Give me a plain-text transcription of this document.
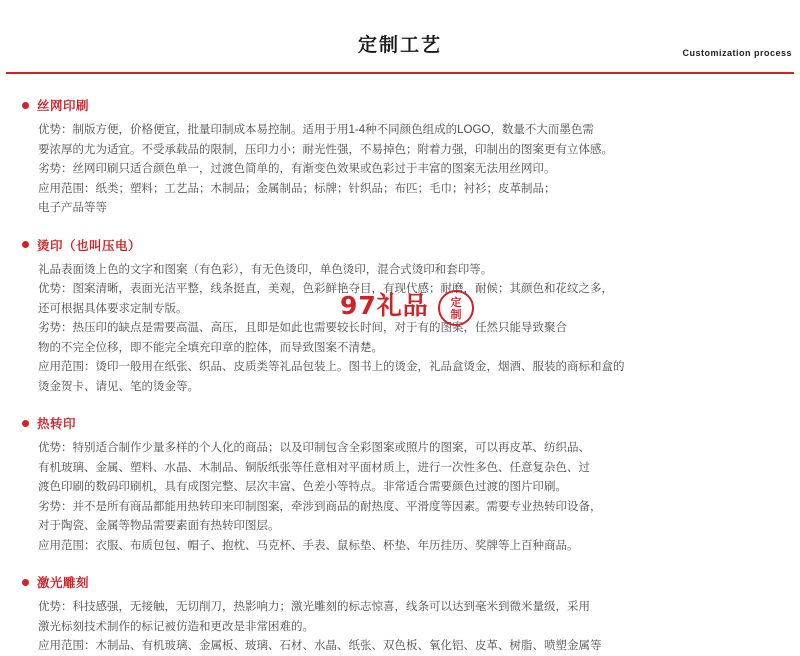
定制工艺	Customization process
丝网印刷

优势：制版方便，价格便宜，批量印制成本易控制。适用于用1-4种不同颜色组成的LOGO，数量不大而墨色需

要浓厚的尤为适宜。不受承载品的限制，压印力小；耐光性强，不易掉色；附着力强，印制出的图案更有立体感。

劣势：丝网印刷只适合颜色单一，过渡色简单的，有渐变色效果或色彩过于丰富的图案无法用丝网印。

应用范围：纸类；塑料；工艺品；木制品；金属制品；标牌；针织品；布匹；毛巾；衬衫；皮革制品；

电子产品等等

烫印（也叫压电）

礼品表面烫上色的文字和图案（有色彩），有无色烫印，单色烫印，混合式烫印和套印等。

优势：图案清晰，表面光洁平整，线条挺直，美观，色彩鲜艳夺目，有现代感；耐磨，耐候；其颜色和花纹之多，

还可根据具体要求定制专版。

劣势：热压印的缺点是需要高温、高压，且即是如此也需要较长时间，对于有的图案，任然只能导致聚合

物的不完全位移，即不能完全填充印章的腔体，而导致图案不清楚。

应用范围：烫印一般用在纸张、织品、皮质类等礼品包装上。图书上的烫金，礼品盒烫金，烟酒、服装的商标和盒的

烫金贺卡、请见、笔的烫金等。

热转印

优势：特别适合制作少量多样的个人化的商品；以及印制包含全彩图案或照片的图案，可以再皮革、纺织品、

有机玻璃、金属、塑料、水晶、木制品、铜版纸张等任意相对平面材质上，进行一次性多色、任意复杂色、过

渡色印刷的数码印刷机，具有成图完整、层次丰富、色差小等特点。非常适合需要颜色过渡的图片印刷。

劣势：并不是所有商品都能用热转印来印制图案，牵涉到商品的耐热度、平滑度等因素。需要专业热转印设备，

对于陶瓷、金属等物品需要素面有热转印图层。

应用范围：衣服、布质包包、帽子、抱枕、马克杯、手表、鼠标垫、杯垫、年历挂历、奖牌等上百种商品。

激光雕刻

优势：科技感强，无接触，无切削刀，热影响力；激光雕刻的标志惊喜，线条可以达到毫米到微米量级，采用

激光标刻技术制作的标记被仿造和更改是非常困难的。

应用范围：木制品、有机玻璃、金属板、玻璃、石材、水晶、纸张、双色板、氧化铝、皮革、树脂、喷塑金属等

97礼品	定
制
